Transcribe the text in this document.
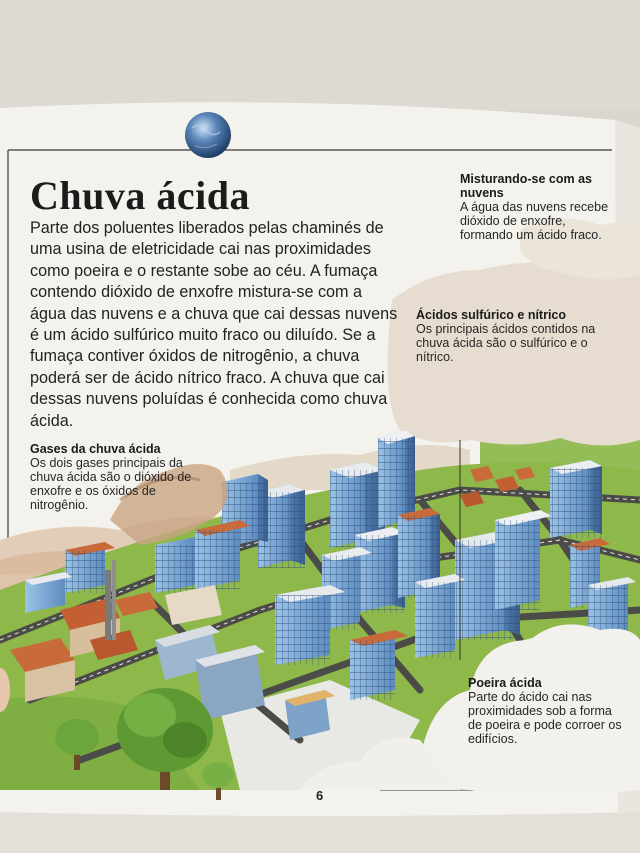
Chuva ácida
Parte dos poluentes liberados pelas chaminés de uma usina de eletricidade cai nas proximidades como poeira e o restante sobe ao céu. A fumaça contendo dióxido de enxofre mistura-se com a água das nuvens e a chuva que cai dessas nuvens é um ácido sulfúrico muito fraco ou diluído. Se a fumaça contiver óxidos de nitrogênio, a chuva poderá ser de ácido nítrico fraco. A chuva que cai dessas nuvens poluídas é conhecida como chuva ácida.
Gases da chuva ácida
Os dois gases principais da chuva ácida são o dióxido de enxofre e os óxidos de nitrogênio.
Misturando-se com as nuvens
A água das nuvens recebe dióxido de enxofre, formando um ácido fraco.
Ácidos sulfúrico e nítrico
Os principais ácidos contidos na chuva ácida são o sulfúrico e o nítrico.
Poeira ácida
Parte do ácido cai nas proximidades sob a forma de poeira e pode corroer os edifícios.
6
